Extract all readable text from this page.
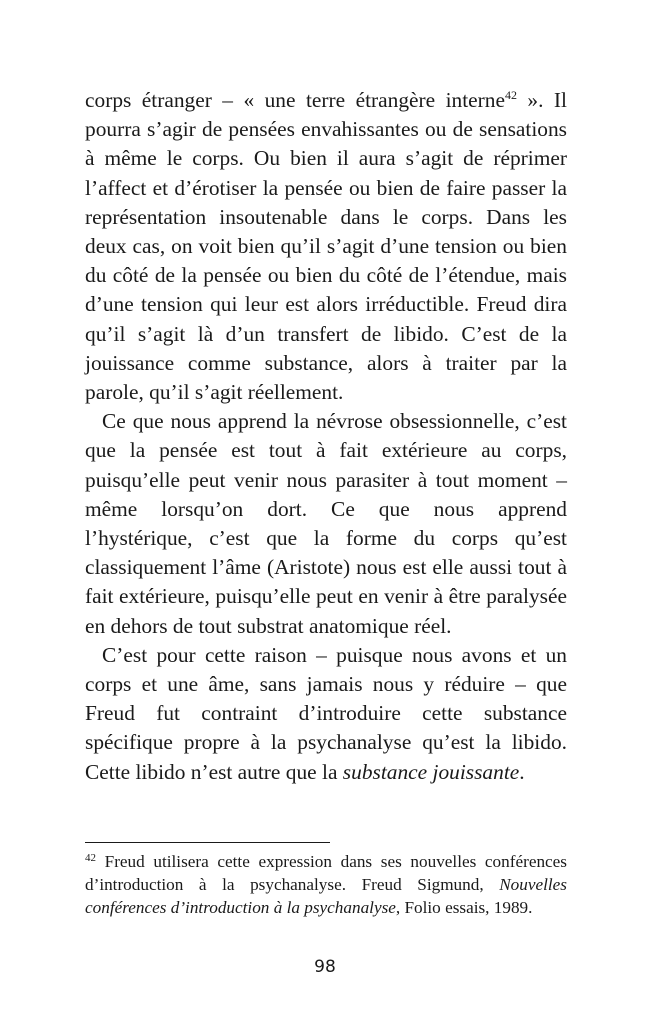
corps étranger – « une terre étrangère interne$^{42}$ ». Il pourra s’agir de pensées envahissantes ou de sensations à même le corps. Ou bien il aura s’agit de réprimer l’affect et d’érotiser la pensée ou bien de faire passer la représentation insoutenable dans le corps. Dans les deux cas, on voit bien qu’il s’agit d’une tension ou bien du côté de la pensée ou bien du côté de l’étendue, mais d’une tension qui leur est alors irréductible. Freud dira qu’il s’agit là d’un transfert de libido. C’est de la jouissance comme substance, alors à traiter par la parole, qu’il s’agit réellement.

Ce que nous apprend la névrose obsessionnelle, c’est que la pensée est tout à fait extérieure au corps, puisqu’elle peut venir nous parasiter à tout moment – même lorsqu’on dort. Ce que nous apprend l’hystérique, c’est que la forme du corps qu’est classiquement l’âme (Aristote) nous est elle aussi tout à fait extérieure, puisqu’elle peut en venir à être paralysée en dehors de tout substrat anatomique réel.

C’est pour cette raison – puisque nous avons et un corps et une âme, sans jamais nous y réduire – que Freud fut contraint d’introduire cette substance spécifique propre à la psychanalyse qu’est la libido. Cette libido n’est autre que la substance jouissante.

$^{42}$ Freud utilisera cette expression dans ses nouvelles conférences d’introduction à la psychanalyse. Freud Sigmund, Nouvelles conférences d’introduction à la psychanalyse, Folio essais, 1989.

98
